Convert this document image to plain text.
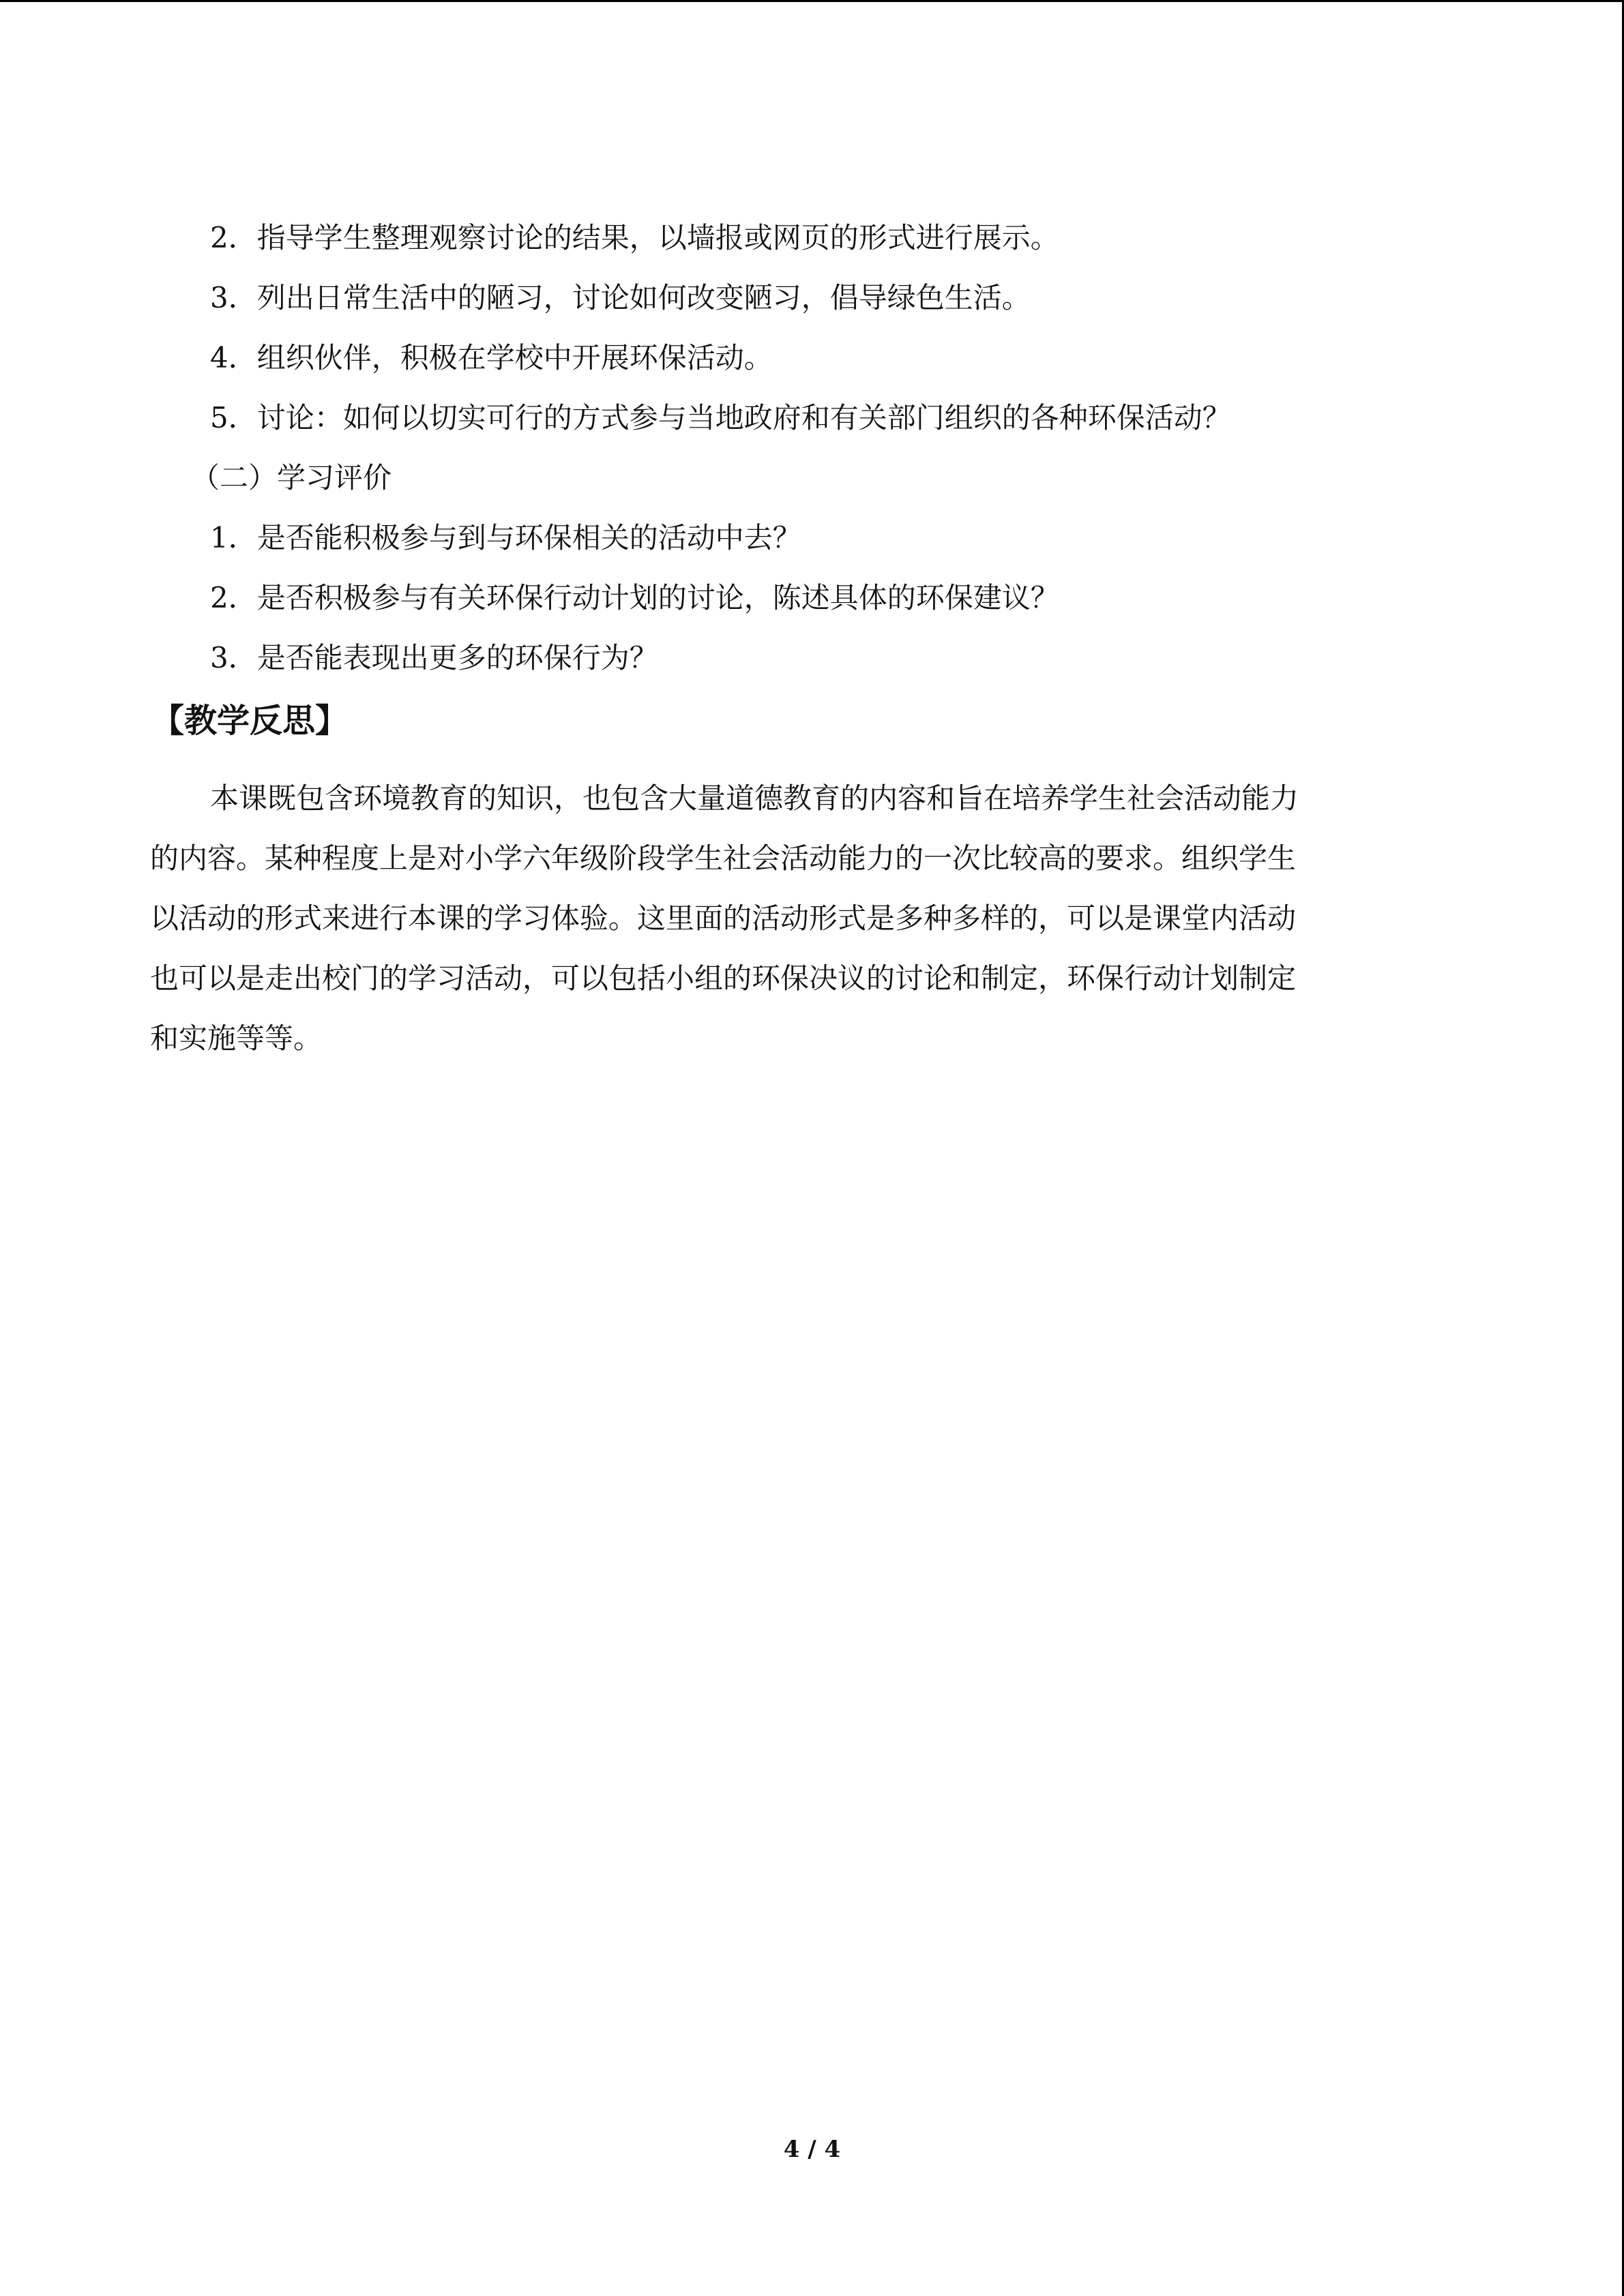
2．指导学生整理观察讨论的结果，以墙报或网页的形式进行展示。

3．列出日常生活中的陋习，讨论如何改变陋习，倡导绿色生活。

4．组织伙伴，积极在学校中开展环保活动。

5．讨论：如何以切实可行的方式参与当地政府和有关部门组织的各种环保活动？

（二）学习评价

1．是否能积极参与到与环保相关的活动中去？

2．是否积极参与有关环保行动计划的讨论，陈述具体的环保建议？

3．是否能表现出更多的环保行为？

【教学反思】
本课既包含环境教育的知识，也包含大量道德教育的内容和旨在培养学生社会活动能力
的内容。某种程度上是对小学六年级阶段学生社会活动能力的一次比较高的要求。组织学生
以活动的形式来进行本课的学习体验。这里面的活动形式是多种多样的，可以是课堂内活动
也可以是走出校门的学习活动，可以包括小组的环保决议的讨论和制定，环保行动计划制定
和实施等等。
4 / 4
